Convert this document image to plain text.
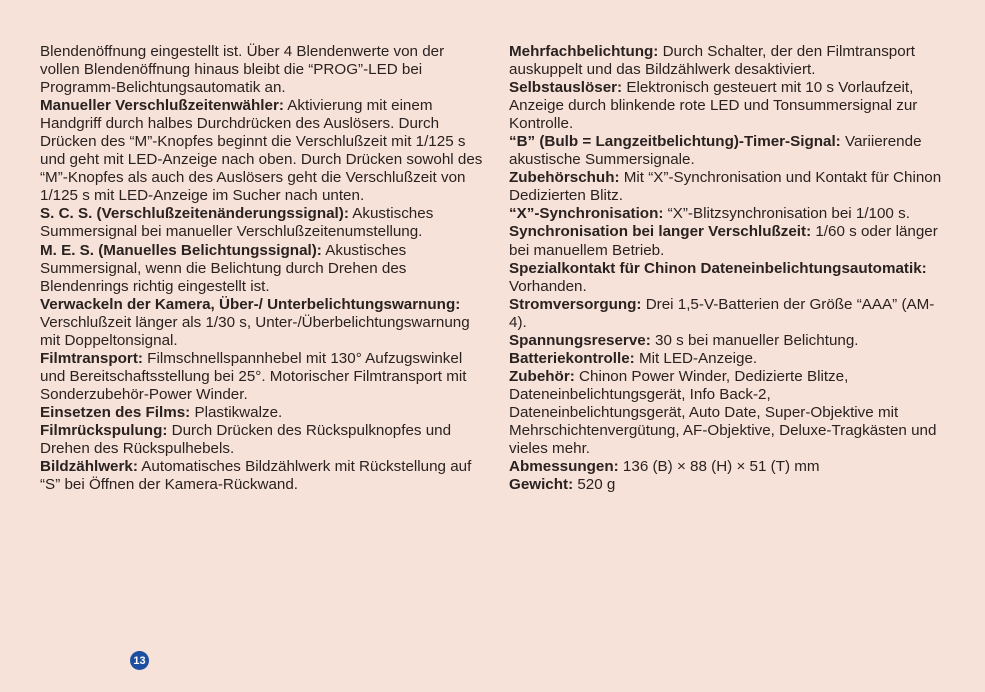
Blendenöffnung eingestellt ist. Über 4 Blendenwerte von der vollen Blendenöffnung hinaus bleibt die “PROG”-LED bei Programm-Belichtungsautomatik an.
Manueller Verschlußzeitenwähler: Aktivierung mit einem Handgriff durch halbes Durchdrücken des Auslösers. Durch Drücken des “M”-Knopfes beginnt die Verschlußzeit mit 1/125 s und geht mit LED-Anzeige nach oben. Durch Drücken sowohl des “M”-Knopfes als auch des Auslösers geht die Verschlußzeit von 1/125 s mit LED-Anzeige im Sucher nach unten.
S. C. S. (Verschlußzeitenänderungssignal): Akustisches Summersignal bei manueller Verschlußzeitenumstellung.
M. E. S. (Manuelles Belichtungssignal): Akustisches Summersignal, wenn die Belichtung durch Drehen des Blendenrings richtig eingestellt ist.
Verwackeln der Kamera, Über-/ Unterbelichtungswarnung: Verschlußzeit länger als 1/30 s, Unter-/Überbelichtungswarnung mit Doppeltonsignal.
Filmtransport: Filmschnellspannhebel mit 130° Aufzugswinkel und Bereitschaftsstellung bei 25°. Motorischer Filmtransport mit Sonderzubehör-Power Winder.
Einsetzen des Films: Plastikwalze.
Filmrückspulung: Durch Drücken des Rückspulknopfes und Drehen des Rückspulhebels.
Bildzählwerk: Automatisches Bildzählwerk mit Rückstellung auf “S” bei Öffnen der Kamera-Rückwand.
Mehrfachbelichtung: Durch Schalter, der den Filmtransport auskuppelt und das Bildzählwerk desaktiviert.
Selbstauslöser: Elektronisch gesteuert mit 10 s Vorlaufzeit, Anzeige durch blinkende rote LED und Tonsummersignal zur Kontrolle.
“B” (Bulb = Langzeitbelichtung)-Timer-Signal: Variierende akustische Summersignale.
Zubehörschuh: Mit “X”-Synchronisation und Kontakt für Chinon Dedizierten Blitz.
“X”-Synchronisation: “X”-Blitzsynchronisation bei 1/100 s.
Synchronisation bei langer Verschlußzeit: 1/60 s oder länger bei manuellem Betrieb.
Spezialkontakt für Chinon Dateneinbelichtungsautomatik: Vorhanden.
Stromversorgung: Drei 1,5-V-Batterien der Größe “AAA” (AM-4).
Spannungsreserve: 30 s bei manueller Belichtung.
Batteriekontrolle: Mit LED-Anzeige.
Zubehör: Chinon Power Winder, Dedizierte Blitze, Dateneinbelichtungsgerät, Info Back-2, Dateneinbelichtungsgerät, Auto Date, Super-Objektive mit Mehrschichtenvergütung, AF-Objektive, Deluxe-Tragkästen und vieles mehr.
Abmessungen: 136 (B) × 88 (H) × 51 (T) mm
Gewicht: 520 g
13
